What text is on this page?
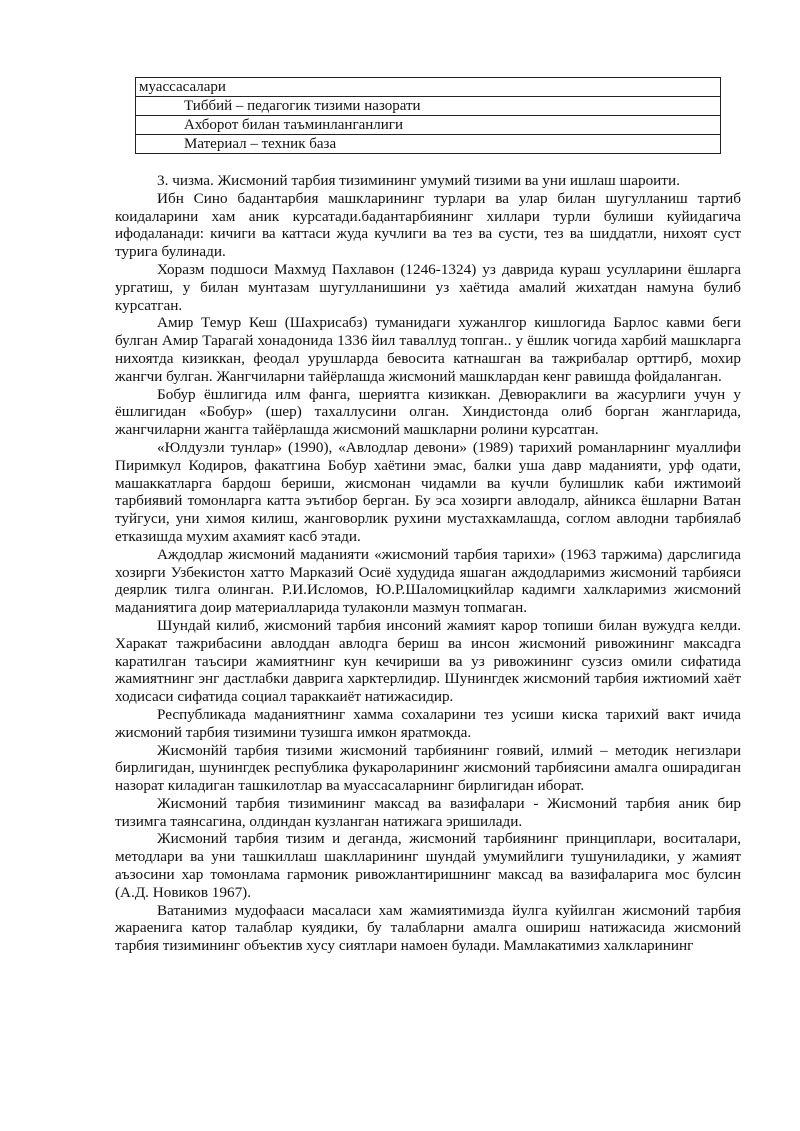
муассасалари
Тиббий – педагогик тизими назорати
Ахборот билан таъминланганлиги
Материал – техник база

3. чизма. Жисмоний тарбия тизимининг умумий тизими ва уни ишлаш шароити.

Ибн Сино бадантарбия машкларининг турлари ва улар билан шугулланиш тартиб коидаларини хам аник курсатади.бадантарбиянинг хиллари турли булиши куйидагича ифодаланади: кичиги ва каттаси жуда кучлиги ва тез ва сусти, тез ва шиддатли, нихоят суст турига булинади.

Хоразм подшоси Махмуд Пахлавон (1246-1324) уз даврида кураш усулларини ёшларга ургатиш, у билан мунтазам шугулланишини уз хаётида амалий жихатдан намуна булиб курсатган.

Амир Темур Кеш (Шахрисабз) туманидаги хужанлгор кишлогида Барлос кавми беги булган Амир Тарагай хонадонида 1336 йил таваллуд топган.. у ёшлик чогида харбий машкларга нихоятда кизиккан, феодал урушларда бевосита катнашган ва тажрибалар орттирб, мохир жангчи булган. Жангчиларни тайёрлашда жисмоний машклардан кенг равишда фойдаланган.

Бобур ёшлигида илм фанга, шериятга кизиккан. Девюраклиги ва жасурлиги учун у ёшлигидан «Бобур» (шер) тахаллусини олган. Хиндистонда олиб борган жангларида, жангчиларни жангга тайёрлашда жисмоний машкларни ролини курсатган.

«Юлдузли тунлар» (1990), «Авлодлар девони» (1989) тарихий романларнинг муаллифи Пиримкул Кодиров, факатгина Бобур хаётини эмас, балки уша давр маданияти, урф одати, машаккатларга бардош бериши, жисмонан чидамли ва кучли булишлик каби ижтимоий тарбиявий томонларга катта эътибор берган. Бу эса хозирги авлодалр, айникса ёшларни Ватан туйгуси, уни химоя килиш, жанговорлик рухини мустахкамлашда, соглом авлодни тарбиялаб етказишда мухим ахамият касб этади.

Аждодлар жисмоний маданияти «жисмоний тарбия тарихи» (1963 таржима) дарслигида хозирги Узбекистон хатто Марказий Осиё худудида яшаган аждодларимиз жисмоний тарбияси деярлик тилга олинган. Р.И.Исломов, Ю.Р.Шаломицкийлар кадимги халкларимиз жисмоний маданиятига доир материалларида тулаконли мазмун топмаган.

Шундай килиб, жисмоний тарбия инсоний жамият карор топиши билан вужудга келди. Харакат тажрибасини авлоддан авлодга бериш ва инсон жисмоний ривожининг максадга каратилган таъсири жамиятнинг кун кечириши ва уз ривожининг сузсиз омили сифатида жамиятнинг энг дастлабки даврига харктерлидир. Шунингдек жисмоний тарбия ижтиомий хаёт ходисаси сифатида социал тараккаиёт натижасидир.

Республикада маданиятнинг хамма сохаларини тез усиши киска тарихий вакт ичида жисмоний тарбия тизимини тузишга имкон яратмокда.

Жисмонйй тарбия тизими жисмоний тарбиянинг гоявий, илмий – методик негизлари бирлигидан, шунингдек республика фукароларининг жисмоний тарбиясини амалга оширадиган назорат киладиган ташкилотлар ва муассасаларнинг бирлигидан иборат.

Жисмоний тарбия тизимининг максад ва вазифалари - Жисмоний тарбия аник бир тизимга таянсагина, олдиндан кузланган натижага эришилади.

Жисмоний тарбия тизим и деганда, жисмоний тарбиянинг принциплари, воситалари, методлари ва уни ташкиллаш шаклларининг шундай умумийлиги тушуниладики, у жамият аъзосини хар томонлама гармоник ривожлантиришнинг максад ва вазифаларига мос булсин (А.Д. Новиков 1967).

Ватанимиз мудофааси масаласи хам жамиятимизда йулга куйилган жисмоний тарбия жараенига катор талаблар куядики, бу талабларни амалга ошириш натижасида жисмоний тарбия тизимининг объектив хусу сиятлари намоен булади. Мамлакатимиз халкларининг
